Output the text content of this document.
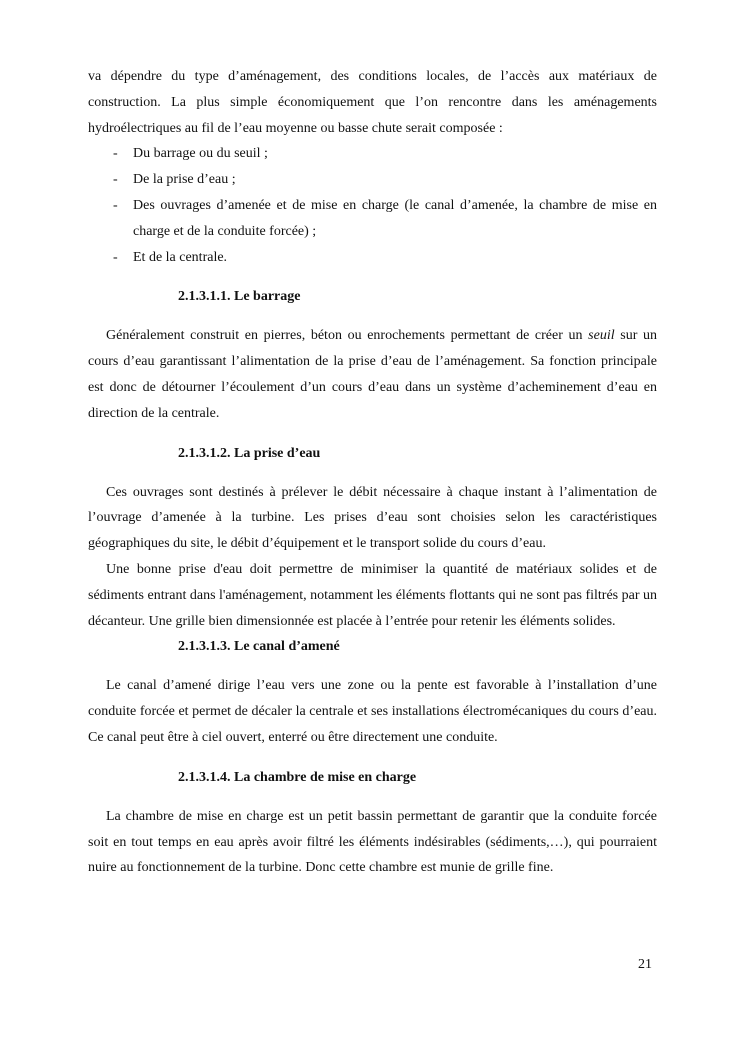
va dépendre du type d’aménagement, des conditions locales, de l’accès aux matériaux de construction. La plus simple économiquement que l’on rencontre dans les aménagements hydroélectriques au fil de l’eau moyenne ou basse chute serait composée :

- Du barrage ou du seuil ;
- De la prise d’eau ;
- Des ouvrages d’amenée et de mise en charge (le canal d’amenée, la chambre de mise en charge et de la conduite forcée) ;
- Et de la centrale.
2.1.3.1.1. Le barrage

Généralement construit en pierres, béton ou enrochements permettant de créer un seuil sur un cours d’eau garantissant l’alimentation de la prise d’eau de l’aménagement. Sa fonction principale est donc de détourner l’écoulement d’un cours d’eau dans un système d’acheminement d’eau en direction de la centrale.

2.1.3.1.2. La prise d’eau

Ces ouvrages sont destinés à prélever le débit nécessaire à chaque instant à l’alimentation de l’ouvrage d’amenée à la turbine. Les prises d’eau sont choisies selon les caractéristiques géographiques du site, le débit d’équipement et le transport solide du cours d’eau.

Une bonne prise d'eau doit permettre de minimiser la quantité de matériaux solides et de sédiments entrant dans l'aménagement, notamment les éléments flottants qui ne sont pas filtrés par un décanteur. Une grille bien dimensionnée est placée à l’entrée pour retenir les éléments solides.

2.1.3.1.3. Le canal d’amené

Le canal d’amené dirige l’eau vers une zone ou la pente est favorable à l’installation d’une conduite forcée et permet de décaler la centrale et ses installations électromécaniques du cours d’eau. Ce canal peut être à ciel ouvert, enterré ou être directement une conduite.

2.1.3.1.4. La chambre de mise en charge

La chambre de mise en charge est un petit bassin permettant de garantir que la conduite forcée soit en tout temps en eau après avoir filtré les éléments indésirables (sédiments,…), qui pourraient nuire au fonctionnement de la turbine. Donc cette chambre est munie de grille fine.

21
